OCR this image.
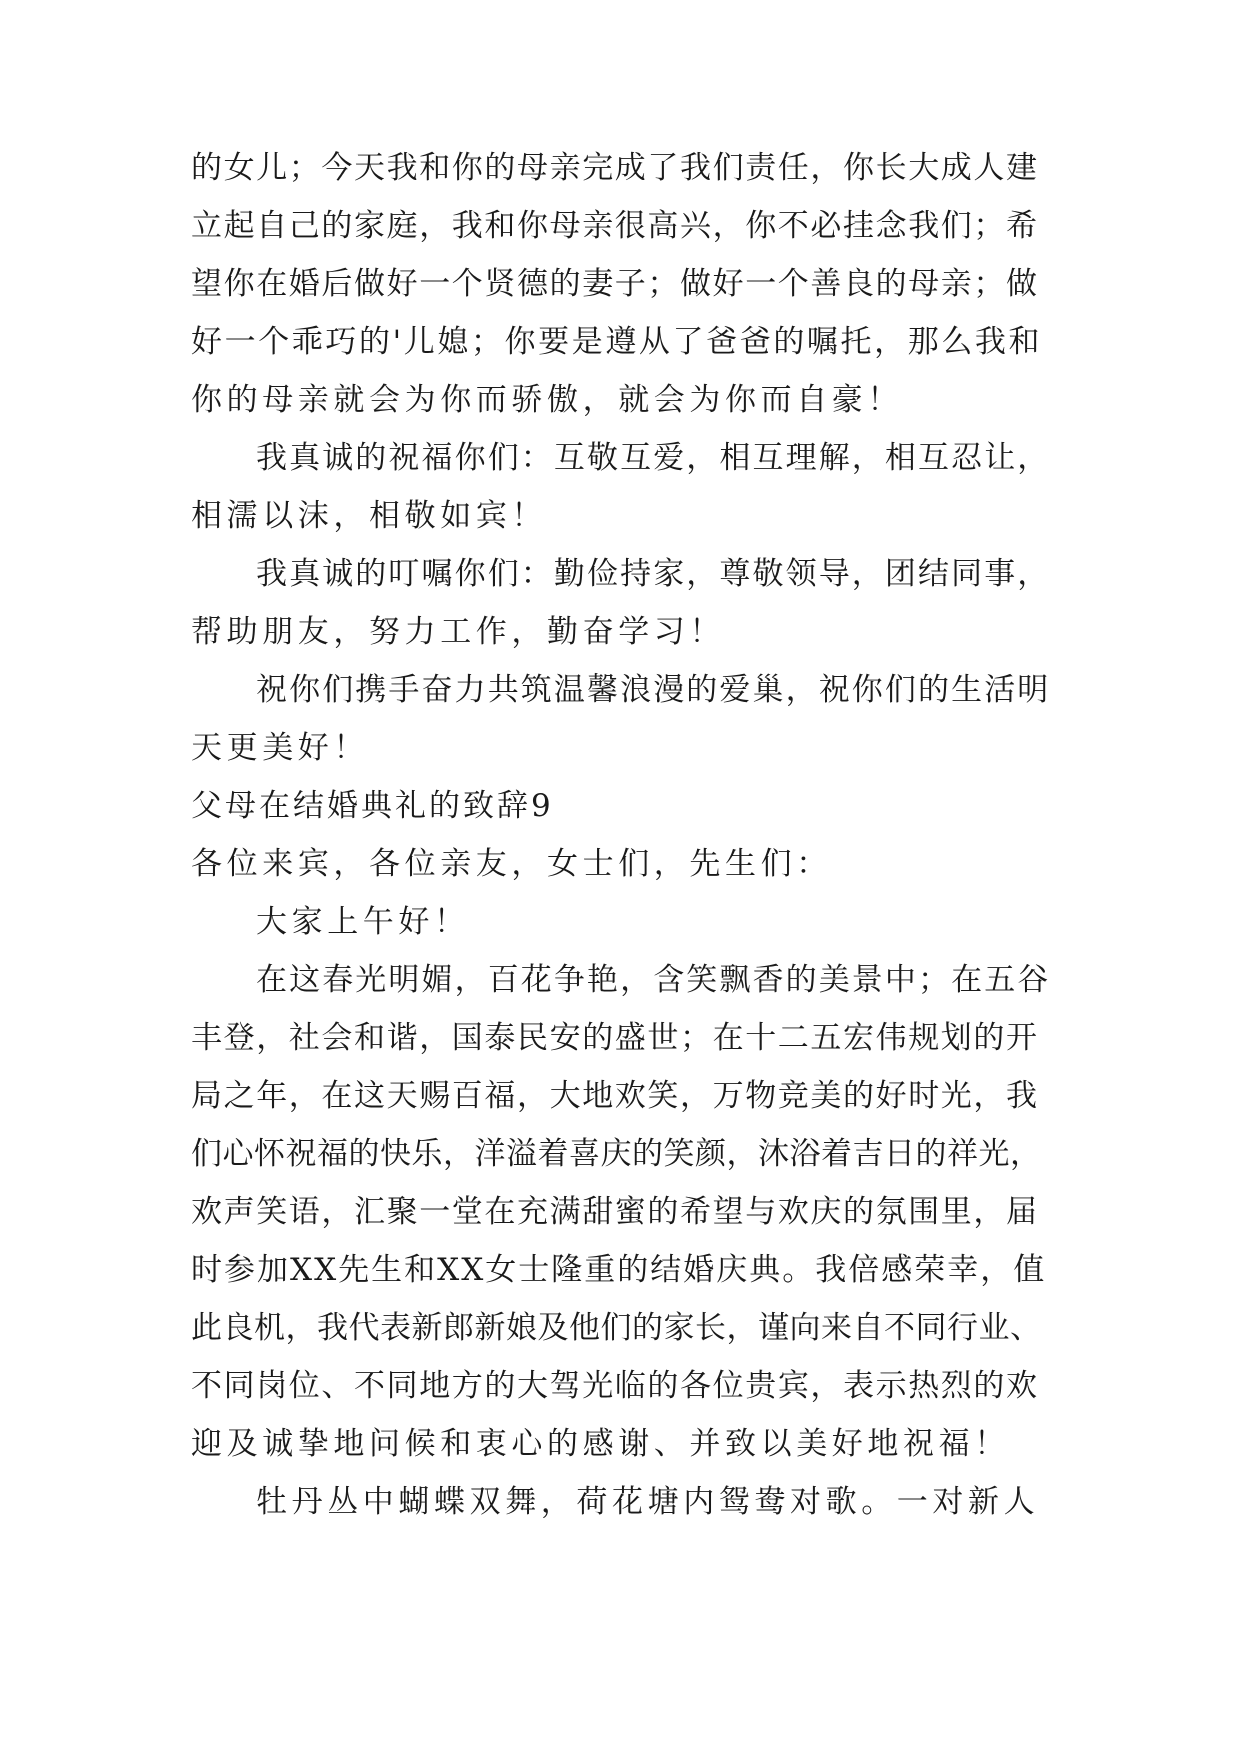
的女儿；今天我和你的母亲完成了我们责任，你长大成人建
立起自己的家庭，我和你母亲很高兴，你不必挂念我们；希
望你在婚后做好一个贤德的妻子；做好一个善良的母亲；做
好一个乖巧的'儿媳；你要是遵从了爸爸的嘱托，那么我和
你的母亲就会为你而骄傲，就会为你而自豪！
我真诚的祝福你们：互敬互爱，相互理解，相互忍让，
相濡以沫，相敬如宾！
我真诚的叮嘱你们：勤俭持家，尊敬领导，团结同事，
帮助朋友，努力工作，勤奋学习！
祝你们携手奋力共筑温馨浪漫的爱巢，祝你们的生活明
天更美好！
父母在结婚典礼的致辞9
各位来宾，各位亲友，女士们，先生们：
大家上午好！
在这春光明媚，百花争艳，含笑飘香的美景中；在五谷
丰登，社会和谐，国泰民安的盛世；在十二五宏伟规划的开
局之年，在这天赐百福，大地欢笑，万物竞美的好时光，我
们心怀祝福的快乐，洋溢着喜庆的笑颜，沐浴着吉日的祥光，
欢声笑语，汇聚一堂在充满甜蜜的希望与欢庆的氛围里，届
时参加XX先生和XX女士隆重的结婚庆典。我倍感荣幸，值
此良机，我代表新郎新娘及他们的家长，谨向来自不同行业、
不同岗位、不同地方的大驾光临的各位贵宾，表示热烈的欢
迎及诚挚地问候和衷心的感谢、并致以美好地祝福！
牡丹丛中蝴蝶双舞，荷花塘内鸳鸯对歌。一对新人
